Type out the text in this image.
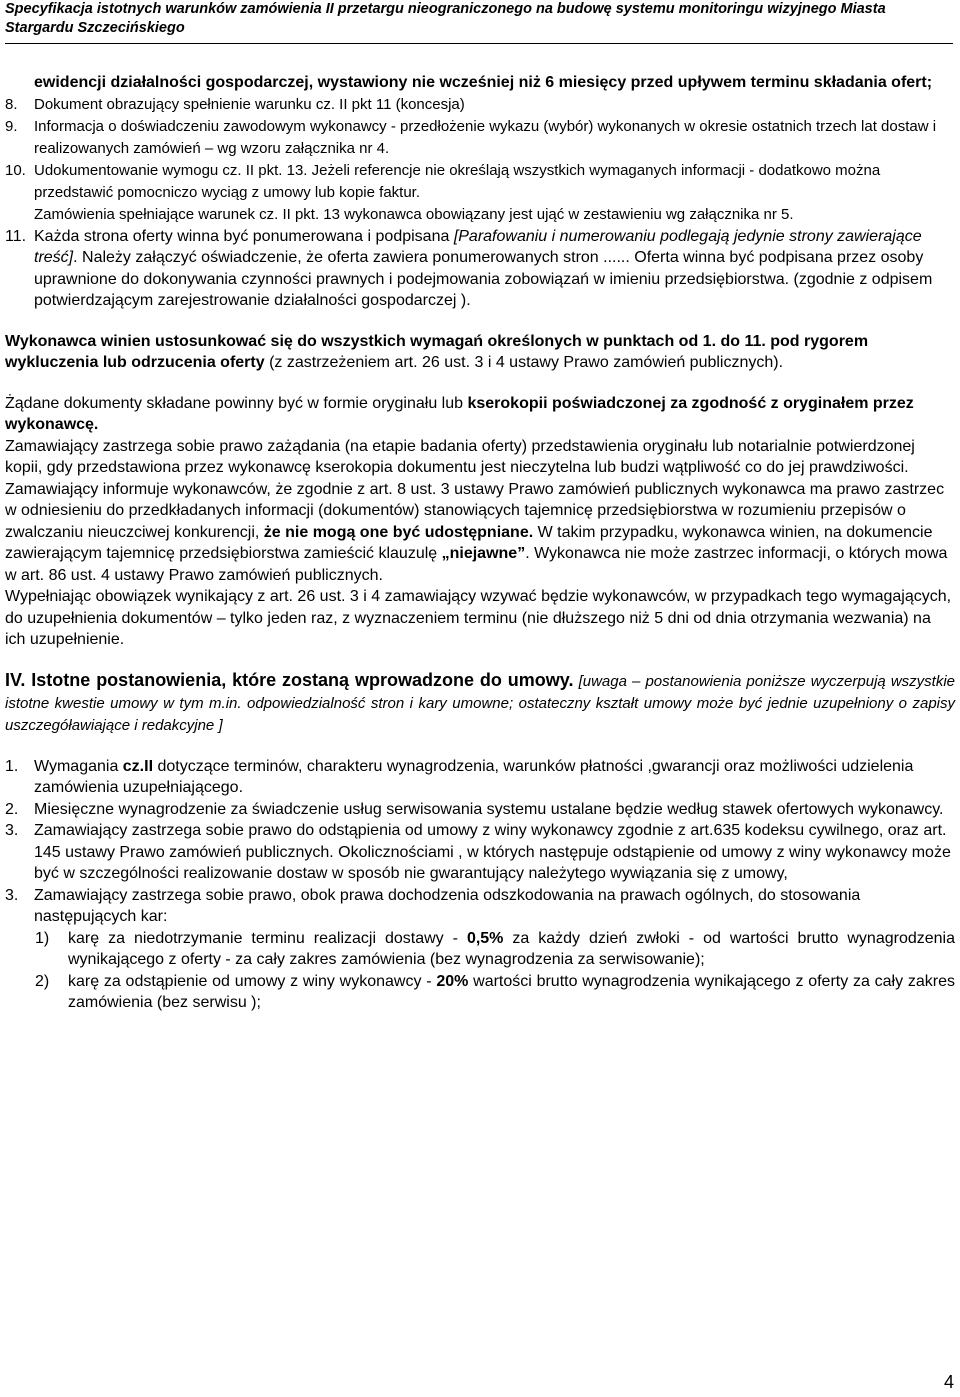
Specyfikacja istotnych warunków zamówienia II przetargu nieograniczonego na budowę systemu monitoringu wizyjnego Miasta
Stargardu Szczecińskiego

ewidencji działalności gospodarczej, wystawiony nie wcześniej niż 6 miesięcy przed upływem terminu składania ofert;

8. Dokument obrazujący spełnienie warunku cz. II pkt 11 (koncesja)

9. Informacja o doświadczeniu zawodowym wykonawcy - przedłożenie wykazu (wybór) wykonanych w okresie ostatnich trzech lat dostaw i realizowanych zamówień – wg wzoru załącznika nr 4.

10. Udokumentowanie wymogu cz. II pkt. 13. Jeżeli referencje nie określają wszystkich wymaganych informacji - dodatkowo można przedstawić pomocniczo wyciąg z umowy lub kopie faktur.
Zamówienia spełniające warunek cz. II pkt. 13 wykonawca obowiązany jest ująć w zestawieniu wg załącznika nr 5.

11. Każda strona oferty winna być ponumerowana i podpisana [Parafowaniu i numerowaniu podlegają jedynie strony zawierające treść]. Należy załączyć oświadczenie, że oferta zawiera ponumerowanych stron ...... Oferta winna być podpisana przez osoby uprawnione do dokonywania czynności prawnych i podejmowania zobowiązań w imieniu przedsiębiorstwa. (zgodnie z odpisem potwierdzającym zarejestrowanie działalności gospodarczej ).

Wykonawca winien ustosunkować się do wszystkich wymagań określonych w punktach od 1. do 11. pod rygorem wykluczenia lub odrzucenia oferty (z zastrzeżeniem art. 26 ust. 3 i 4 ustawy Prawo zamówień publicznych).

Żądane dokumenty składane powinny być w formie oryginału lub kserokopii poświadczonej za zgodność z oryginałem przez wykonawcę.

Zamawiający zastrzega sobie prawo zażądania (na etapie badania oferty) przedstawienia oryginału lub notarialnie potwierdzonej kopii, gdy przedstawiona przez wykonawcę kserokopia dokumentu jest nieczytelna lub budzi wątpliwość co do jej prawdziwości.

Zamawiający informuje wykonawców, że zgodnie z art. 8 ust. 3 ustawy Prawo zamówień publicznych wykonawca ma prawo zastrzec w odniesieniu do przedkładanych informacji (dokumentów) stanowiących tajemnicę przedsiębiorstwa w rozumieniu przepisów o zwalczaniu nieuczciwej konkurencji, że nie mogą one być udostępniane. W takim przypadku, wykonawca winien, na dokumencie zawierającym tajemnicę przedsiębiorstwa zamieścić klauzulę „niejawne”. Wykonawca nie może zastrzec informacji, o których mowa w art. 86 ust. 4 ustawy Prawo zamówień publicznych.

Wypełniając obowiązek wynikający z art. 26 ust. 3 i 4 zamawiający wzywać będzie wykonawców, w przypadkach tego wymagających, do uzupełnienia dokumentów – tylko jeden raz, z wyznaczeniem terminu (nie dłuższego niż 5 dni od dnia otrzymania wezwania) na ich uzupełnienie.

IV. Istotne postanowienia, które zostaną wprowadzone do umowy. [uwaga – postanowienia poniższe wyczerpują wszystkie istotne kwestie umowy w tym m.in. odpowiedzialność stron i kary umowne; ostateczny kształt umowy może być jednie uzupełniony o zapisy uszczegóławiające i redakcyjne ]

1. Wymagania cz.II dotyczące terminów, charakteru wynagrodzenia, warunków płatności ,gwarancji oraz możliwości udzielenia zamówienia uzupełniającego.

2. Miesięczne wynagrodzenie za świadczenie usług serwisowania systemu ustalane będzie według stawek ofertowych wykonawcy.

3. Zamawiający zastrzega sobie prawo do odstąpienia od umowy z winy wykonawcy zgodnie z art.635 kodeksu cywilnego, oraz art. 145 ustawy Prawo zamówień publicznych. Okolicznościami , w których następuje odstąpienie od umowy z winy wykonawcy może być w szczególności realizowanie dostaw w sposób nie gwarantujący należytego wywiązania się z umowy,

3. Zamawiający zastrzega sobie prawo, obok prawa dochodzenia odszkodowania na prawach ogólnych, do stosowania następujących kar:

1) karę za niedotrzymanie terminu realizacji dostawy - 0,5% za każdy dzień zwłoki - od wartości brutto wynagrodzenia wynikającego z oferty - za cały zakres zamówienia (bez wynagrodzenia za serwisowanie);

2) karę za odstąpienie od umowy z winy wykonawcy - 20% wartości brutto wynagrodzenia wynikającego z oferty za cały zakres zamówienia (bez serwisu );

4
